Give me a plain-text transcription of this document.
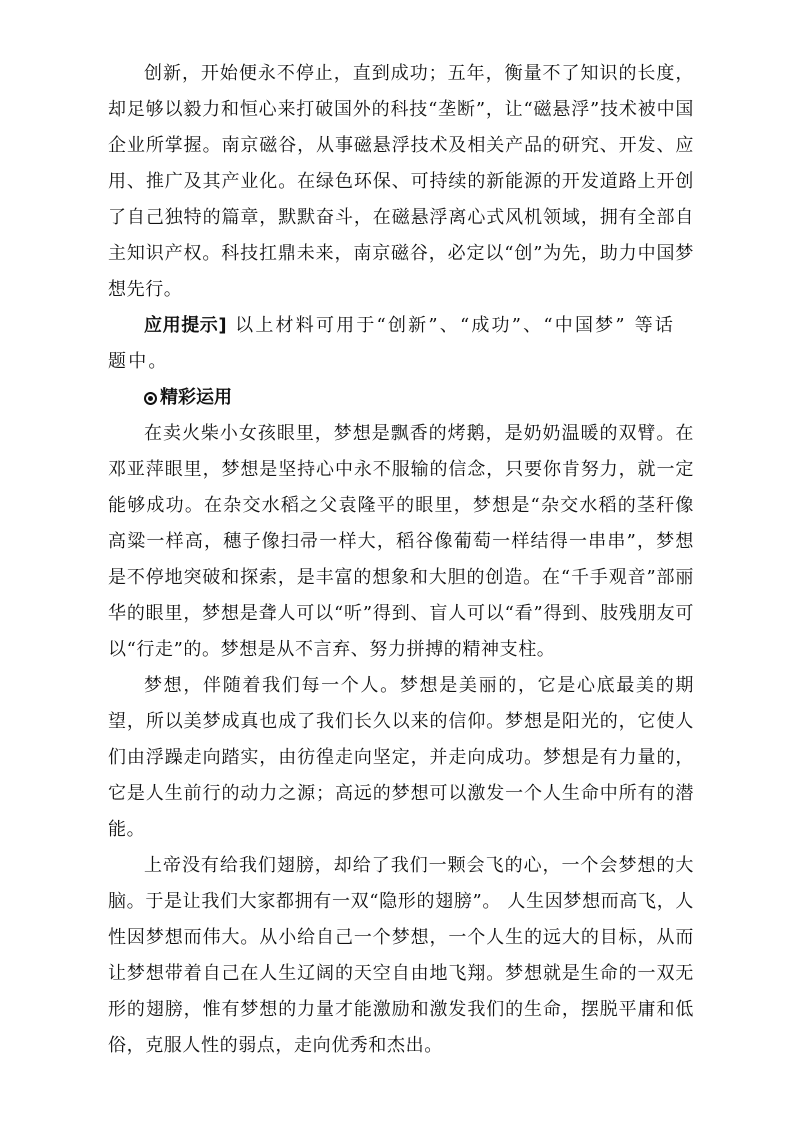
创新，开始便永不停止，直到成功；五年，衡量不了知识的长度，却足够以毅力和恒心来打破国外的科技“垄断”，让“磁悬浮”技术被中国企业所掌握。南京磁谷，从事磁悬浮技术及相关产品的研究、开发、应用、推广及其产业化。在绿色环保、可持续的新能源的开发道路上开创了自己独特的篇章，默默奋斗，在磁悬浮离心式风机领域，拥有全部自主知识产权。科技扛鼎未来，南京磁谷，必定以“创”为先，助力中国梦想先行。

应用提示] 以上材料可用于“创新”、“成功”、“中国梦” 等话题中。

精彩运用

在卖火柴小女孩眼里，梦想是飘香的烤鹅，是奶奶温暖的双臂。在邓亚萍眼里，梦想是坚持心中永不服输的信念，只要你肯努力，就一定能够成功。在杂交水稻之父袁隆平的眼里，梦想是“杂交水稻的茎秆像高粱一样高，穗子像扫帚一样大，稻谷像葡萄一样结得一串串”，梦想是不停地突破和探索，是丰富的想象和大胆的创造。在“千手观音”部丽华的眼里，梦想是聋人可以“听”得到、盲人可以“看”得到、肢残朋友可以“行走”的。梦想是从不言弃、努力拼搏的精神支柱。

梦想，伴随着我们每一个人。梦想是美丽的，它是心底最美的期望，所以美梦成真也成了我们长久以来的信仰。梦想是阳光的，它使人们由浮躁走向踏实，由彷徨走向坚定，并走向成功。梦想是有力量的，它是人生前行的动力之源；高远的梦想可以激发一个人生命中所有的潜能。

上帝没有给我们翅膀，却给了我们一颗会飞的心，一个会梦想的大脑。于是让我们大家都拥有一双“隐形的翅膀”。 人生因梦想而高飞，人性因梦想而伟大。从小给自己一个梦想，一个人生的远大的目标，从而让梦想带着自己在人生辽阔的天空自由地飞翔。梦想就是生命的一双无形的翅膀，惟有梦想的力量才能激励和激发我们的生命，摆脱平庸和低俗，克服人性的弱点，走向优秀和杰出。
